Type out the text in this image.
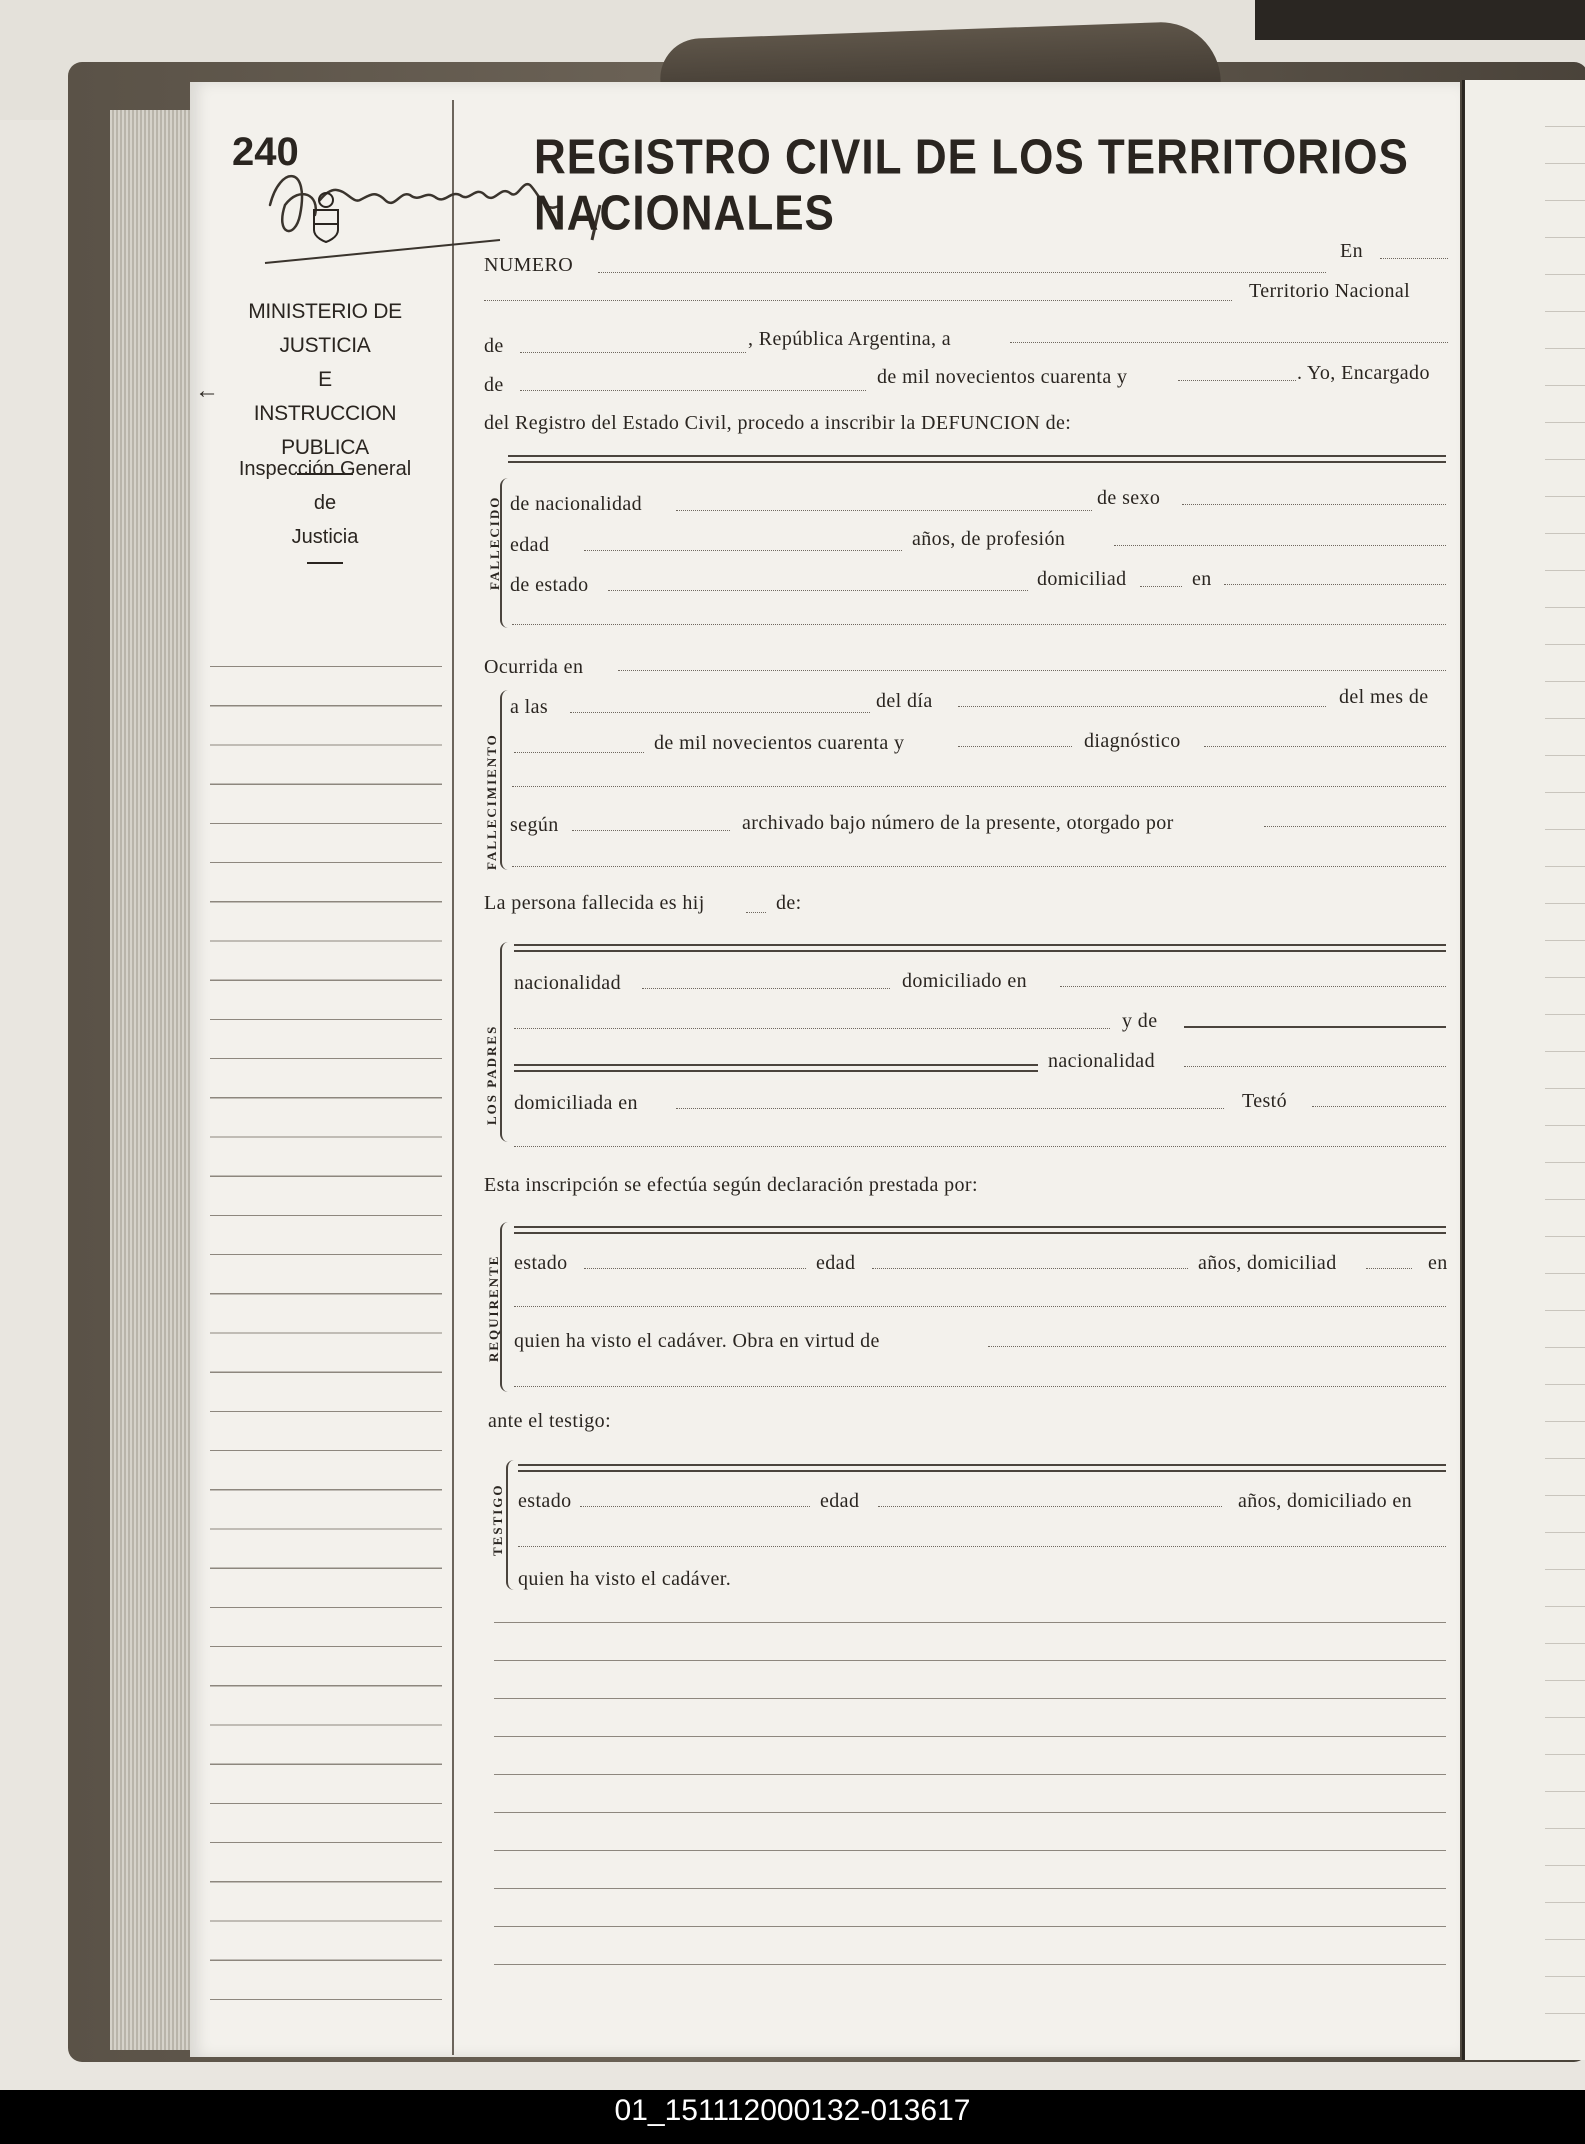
240	REGISTRO CIVIL DE LOS TERRITORIOS NACIONALES
MINISTERIO DE JUSTICIA
E
INSTRUCCION PUBLICA
←
Inspección General
de
Justicia
NUMERO
En
Territorio Nacional
de	, República Argentina, a
de	de mil novecientos cuarenta y	. Yo, Encargado
del Registro del Estado Civil, procedo a inscribir la DEFUNCION de:
FALLECIDO de nacionalidad	de sexo
edad	años, de profesión
de estado	domiciliad	en
Ocurrida en
FALLECIMIENTO
a las	del día	del mes de
de mil novecientos cuarenta y	diagnóstico
según	archivado bajo número de la presente, otorgado por
La persona fallecida es hij	de:
LOS PADRES
nacionalidad	domiciliado en
y de
nacionalidad
domiciliada en	Testó
Esta inscripción se efectúa según declaración prestada por:
REQUIRENTE estado	edad	años, domiciliad	en
quien ha visto el cadáver. Obra en virtud de
ante el testigo:
TESTIGO estado	edad	años, domiciliado en
quien ha visto el cadáver.
01_151112000132-013617
